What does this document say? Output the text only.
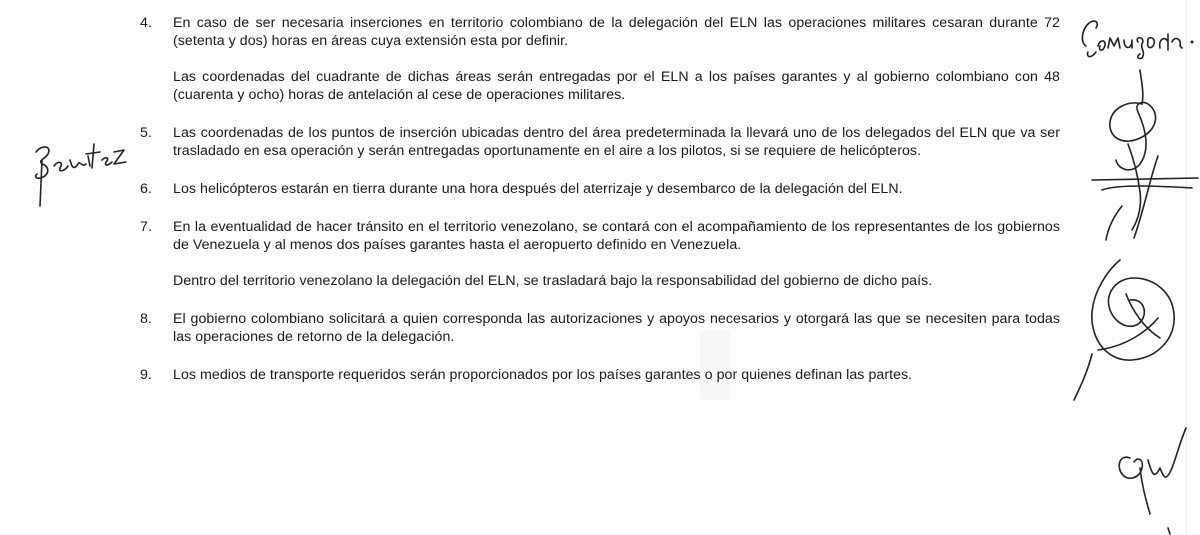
4.	En caso de ser necesaria inserciones en territorio colombiano de la delegación del ELN las operaciones militares cesaran durante 72 (setenta y dos) horas en áreas cuya extensión esta por definir.
Las coordenadas del cuadrante de dichas áreas serán entregadas por el ELN a los países garantes y al gobierno colombiano con 48 (cuarenta y ocho) horas de antelación al cese de operaciones militares.
5.	Las coordenadas de los puntos de inserción ubicadas dentro del área predeterminada la llevará uno de los delegados del ELN que va ser trasladado en esa operación y serán entregadas oportunamente en el aire a los pilotos, si se requiere de helicópteros.
6.	Los helicópteros estarán en tierra durante una hora después del aterrizaje y desembarco de la delegación del ELN.
7.	En la eventualidad de hacer tránsito en el territorio venezolano, se contará con el acompañamiento de los representantes de los gobiernos de Venezuela y al menos dos países garantes hasta el aeropuerto definido en Venezuela.
Dentro del territorio venezolano la delegación del ELN, se trasladará bajo la responsabilidad del gobierno de dicho país.
8.	El gobierno colombiano solicitará a quien corresponda las autorizaciones y apoyos necesarios y otorgará las que se necesiten para todas las operaciones de retorno de la delegación.
9.	Los medios de transporte requeridos serán proporcionados por los países garantes o por quienes definan las partes.
